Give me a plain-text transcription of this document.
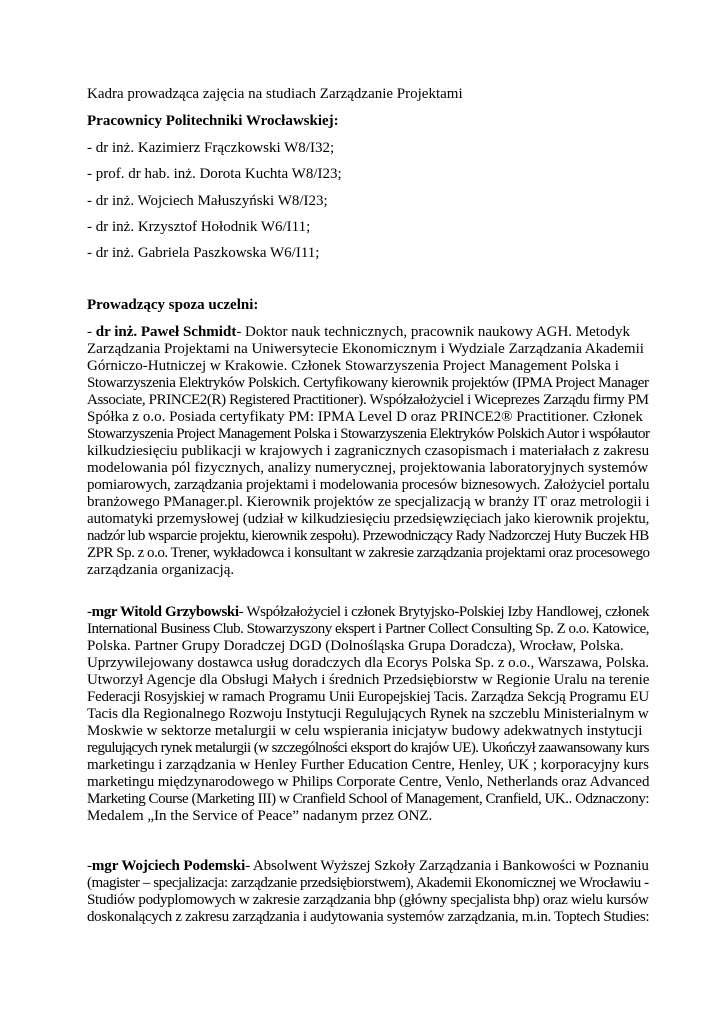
Kadra prowadząca zajęcia na studiach Zarządzanie Projektami

Pracownicy Politechniki Wrocławskiej:

- dr inż. Kazimierz Frączkowski W8/I32;

- prof. dr hab. inż. Dorota Kuchta W8/I23;

- dr inż. Wojciech Małuszyński W8/I23;

- dr inż. Krzysztof Hołodnik W6/I11;

- dr inż. Gabriela Paszkowska W6/I11;

Prowadzący spoza uczelni:

- dr inż. Paweł Schmidt- Doktor nauk technicznych, pracownik naukowy AGH. Metodyk
Zarządzania Projektami na Uniwersytecie Ekonomicznym i Wydziale Zarządzania Akademii
Górniczo-Hutniczej w Krakowie. Członek Stowarzyszenia Project Management Polska i
Stowarzyszenia Elektryków Polskich. Certyfikowany kierownik projektów (IPMA Project Manager
Associate, PRINCE2(R) Registered Practitioner). Współzałożyciel i Wiceprezes Zarządu firmy PM
Spółka z o.o. Posiada certyfikaty PM: IPMA Level D oraz PRINCE2® Practitioner. Członek
Stowarzyszenia Project Management Polska i Stowarzyszenia Elektryków Polskich Autor i współautor
kilkudziesięciu publikacji w krajowych i zagranicznych czasopismach i materiałach z zakresu
modelowania pól fizycznych, analizy numerycznej, projektowania laboratoryjnych systemów
pomiarowych, zarządzania projektami i modelowania procesów biznesowych. Założyciel portalu
branżowego PManager.pl. Kierownik projektów ze specjalizacją w branży IT oraz metrologii i
automatyki przemysłowej (udział w kilkudziesięciu przedsięwzięciach jako kierownik projektu,
nadzór lub wsparcie projektu, kierownik zespołu). Przewodniczący Rady Nadzorczej Huty Buczek HB
ZPR Sp. z o.o. Trener, wykładowca i konsultant w zakresie zarządzania projektami oraz procesowego
zarządzania organizacją.
-mgr Witold Grzybowski- Współzałożyciel i członek Brytyjsko-Polskiej Izby Handlowej, członek
International Business Club. Stowarzyszony ekspert i Partner Collect Consulting Sp. Z o.o. Katowice,
Polska. Partner Grupy Doradczej DGD (Dolnośląska Grupa Doradcza), Wrocław, Polska.
Uprzywilejowany dostawca usług doradczych dla Ecorys Polska Sp. z o.o., Warszawa, Polska.
Utworzył Agencje dla Obsługi Małych i średnich Przedsiębiorstw w Regionie Uralu na terenie
Federacji Rosyjskiej w ramach Programu Unii Europejskiej Tacis. Zarządza Sekcją Programu EU
Tacis dla Regionalnego Rozwoju Instytucji Regulujących Rynek na szczeblu Ministerialnym w
Moskwie w sektorze metalurgii w celu wspierania inicjatyw budowy adekwatnych instytucji
regulujących rynek metalurgii (w szczególności eksport do krajów UE). Ukończył zaawansowany kurs
marketingu i zarządzania w Henley Further Education Centre, Henley, UK ; korporacyjny kurs
marketingu międzynarodowego w Philips Corporate Centre, Venlo, Netherlands oraz Advanced
Marketing Course (Marketing III) w Cranfield School of Management, Cranfield, UK.. Odznaczony:
Medalem „In the Service of Peace” nadanym przez ONZ.
-mgr Wojciech Podemski- Absolwent Wyższej Szkoły Zarządzania i Bankowości w Poznaniu
(magister – specjalizacja: zarządzanie przedsiębiorstwem), Akademii Ekonomicznej we Wrocławiu -
Studiów podyplomowych w zakresie zarządzania bhp (główny specjalista bhp) oraz wielu kursów
doskonalących z zakresu zarządzania i audytowania systemów zarządzania, m.in. Toptech Studies:
